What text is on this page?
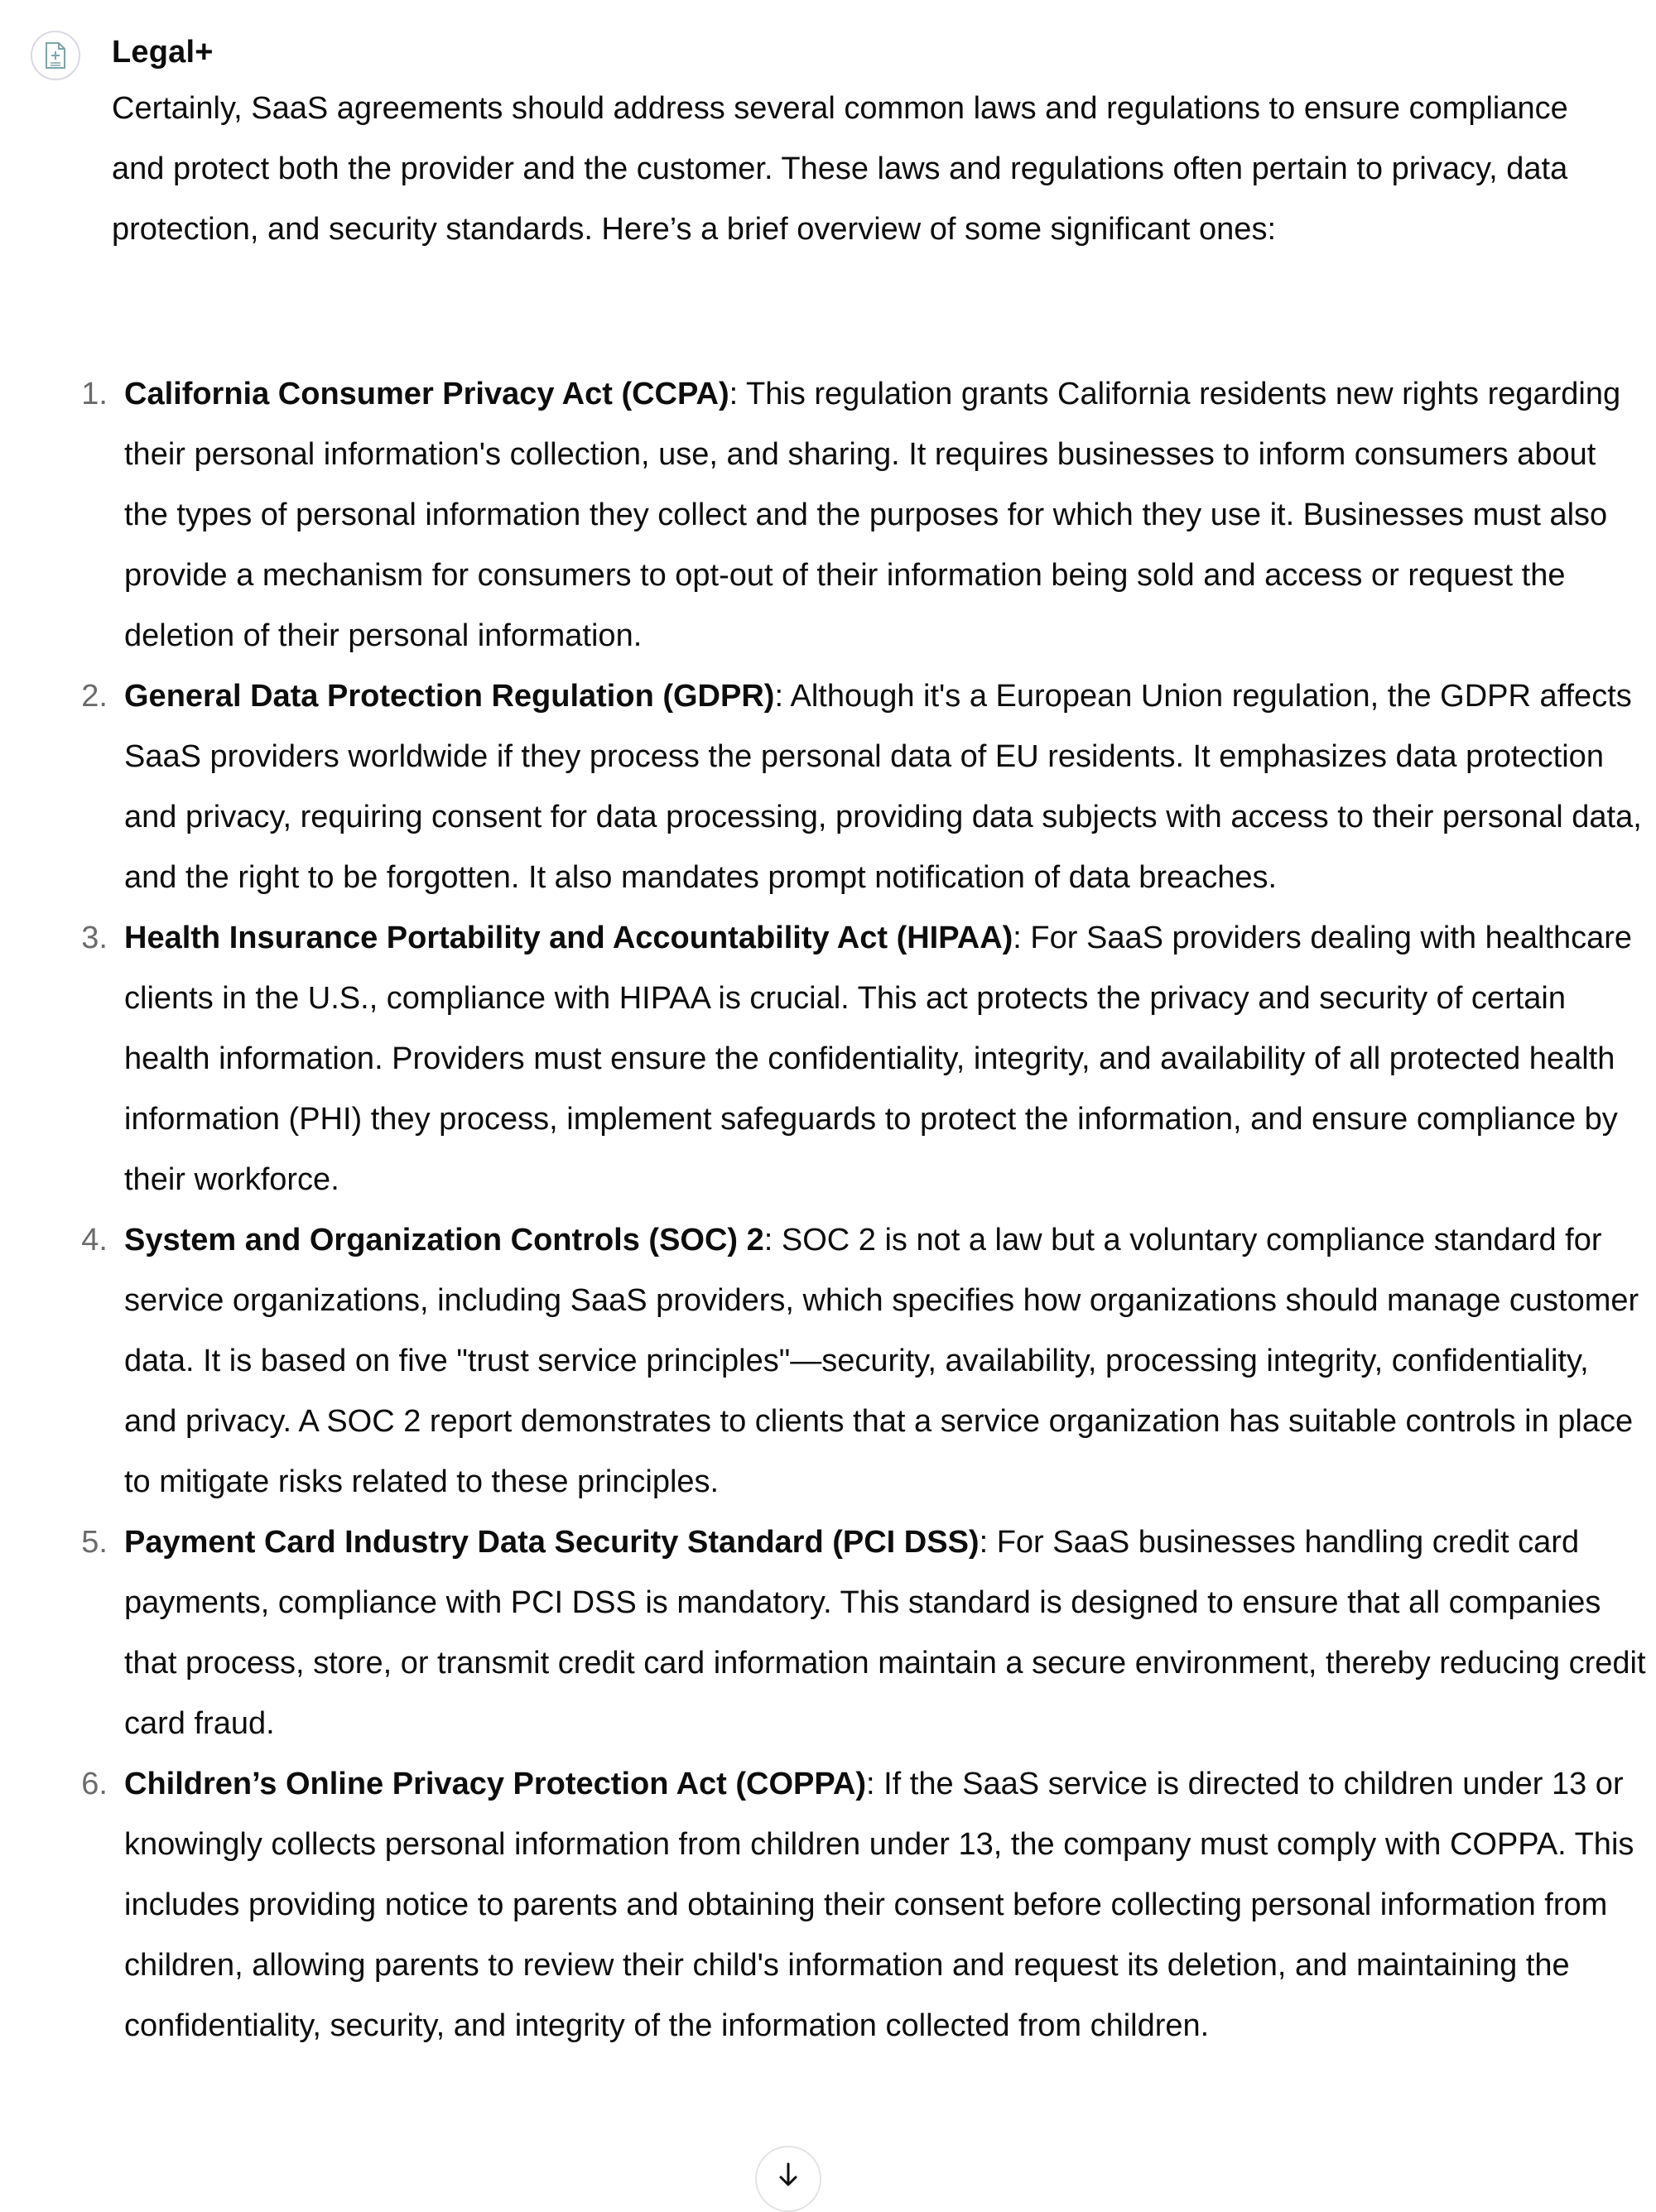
Legal+

Certainly, SaaS agreements should address several common laws and regulations to ensure compliance and protect both the provider and the customer. These laws and regulations often pertain to privacy, data protection, and security standards. Here’s a brief overview of some significant ones:

1. California Consumer Privacy Act (CCPA): This regulation grants California residents new rights regarding their personal information's collection, use, and sharing. It requires businesses to inform consumers about the types of personal information they collect and the purposes for which they use it. Businesses must also provide a mechanism for consumers to opt-out of their information being sold and access or request the deletion of their personal information.
2. General Data Protection Regulation (GDPR): Although it's a European Union regulation, the GDPR affects SaaS providers worldwide if they process the personal data of EU residents. It emphasizes data protection and privacy, requiring consent for data processing, providing data subjects with access to their personal data, and the right to be forgotten. It also mandates prompt notification of data breaches.
3. Health Insurance Portability and Accountability Act (HIPAA): For SaaS providers dealing with healthcare clients in the U.S., compliance with HIPAA is crucial. This act protects the privacy and security of certain health information. Providers must ensure the confidentiality, integrity, and availability of all protected health information (PHI) they process, implement safeguards to protect the information, and ensure compliance by their workforce.
4. System and Organization Controls (SOC) 2: SOC 2 is not a law but a voluntary compliance standard for service organizations, including SaaS providers, which specifies how organizations should manage customer data. It is based on five "trust service principles"—security, availability, processing integrity, confidentiality, and privacy. A SOC 2 report demonstrates to clients that a service organization has suitable controls in place to mitigate risks related to these principles.
5. Payment Card Industry Data Security Standard (PCI DSS): For SaaS businesses handling credit card payments, compliance with PCI DSS is mandatory. This standard is designed to ensure that all companies that process, store, or transmit credit card information maintain a secure environment, thereby reducing credit card fraud.
6. Children’s Online Privacy Protection Act (COPPA): If the SaaS service is directed to children under 13 or knowingly collects personal information from children under 13, the company must comply with COPPA. This includes providing notice to parents and obtaining their consent before collecting personal information from children, allowing parents to review their child's information and request its deletion, and maintaining the confidentiality, security, and integrity of the information collected from children.
